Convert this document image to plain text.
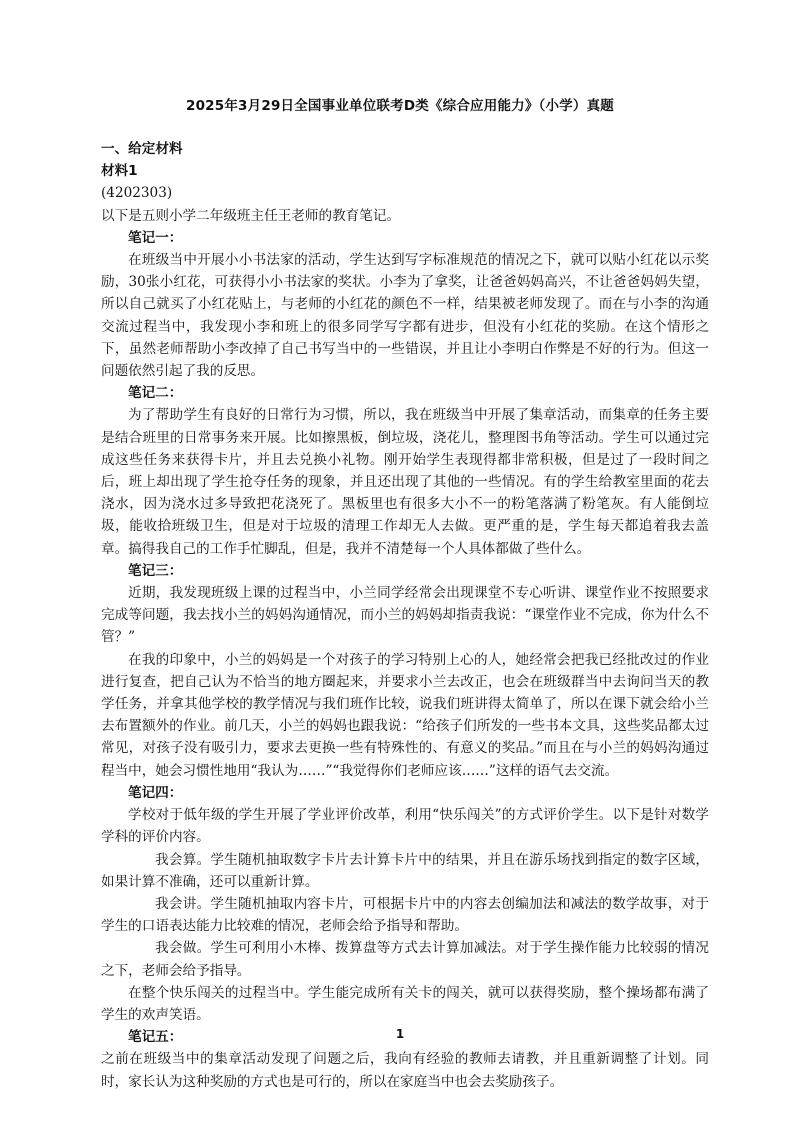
2025年3月29日全国事业单位联考D类《综合应用能力》（小学）真题
一、给定材料
材料1
(4202303)
以下是五则小学二年级班主任王老师的教育笔记。
笔记一：
在班级当中开展小小书法家的活动，学生达到写字标准规范的情况之下，就可以贴小红花以示奖励，30张小红花，可获得小小书法家的奖状。小李为了拿奖，让爸爸妈妈高兴，不让爸爸妈妈失望，所以自己就买了小红花贴上，与老师的小红花的颜色不一样，结果被老师发现了。而在与小李的沟通交流过程当中，我发现小李和班上的很多同学写字都有进步，但没有小红花的奖励。在这个情形之下，虽然老师帮助小李改掉了自己书写当中的一些错误，并且让小李明白作弊是不好的行为。但这一问题依然引起了我的反思。
笔记二：
为了帮助学生有良好的日常行为习惯，所以，我在班级当中开展了集章活动，而集章的任务主要是结合班里的日常事务来开展。比如擦黑板，倒垃圾，浇花儿，整理图书角等活动。学生可以通过完成这些任务来获得卡片，并且去兑换小礼物。刚开始学生表现得都非常积极，但是过了一段时间之后，班上却出现了学生抢夺任务的现象，并且还出现了其他的一些情况。有的学生给教室里面的花去浇水，因为浇水过多导致把花浇死了。黑板里也有很多大小不一的粉笔落满了粉笔灰。有人能倒垃圾，能收拾班级卫生，但是对于垃圾的清理工作却无人去做。更严重的是，学生每天都追着我去盖章。搞得我自己的工作手忙脚乱，但是，我并不清楚每一个人具体都做了些什么。
笔记三：
近期，我发现班级上课的过程当中，小兰同学经常会出现课堂不专心听讲、课堂作业不按照要求完成等问题，我去找小兰的妈妈沟通情况，而小兰的妈妈却指责我说：“课堂作业不完成，你为什么不管？”
在我的印象中，小兰的妈妈是一个对孩子的学习特别上心的人，她经常会把我已经批改过的作业进行复查，把自己认为不恰当的地方圈起来，并要求小兰去改正，也会在班级群当中去询问当天的教学任务，并拿其他学校的教学情况与我们班作比较，说我们班讲得太简单了，所以在课下就会给小兰去布置额外的作业。前几天，小兰的妈妈也跟我说：“给孩子们所发的一些书本文具，这些奖品都太过常见，对孩子没有吸引力，要求去更换一些有特殊性的、有意义的奖品。”而且在与小兰的妈妈沟通过程当中，她会习惯性地用“我认为……”“我觉得你们老师应该……”这样的语气去交流。
笔记四：
学校对于低年级的学生开展了学业评价改革，利用“快乐闯关”的方式评价学生。以下是针对数学学科的评价内容。
我会算。学生随机抽取数字卡片去计算卡片中的结果，并且在游乐场找到指定的数字区域，如果计算不准确，还可以重新计算。
我会讲。学生随机抽取内容卡片，可根据卡片中的内容去创编加法和减法的数学故事，对于学生的口语表达能力比较难的情况，老师会给予指导和帮助。
我会做。学生可利用小木棒、拨算盘等方式去计算加减法。对于学生操作能力比较弱的情况之下，老师会给予指导。
在整个快乐闯关的过程当中。学生能完成所有关卡的闯关，就可以获得奖励，整个操场都布满了学生的欢声笑语。
笔记五：
之前在班级当中的集章活动发现了问题之后，我向有经验的教师去请教，并且重新调整了计划。同时，家长认为这种奖励的方式也是可行的，所以在家庭当中也会去奖励孩子。
1
